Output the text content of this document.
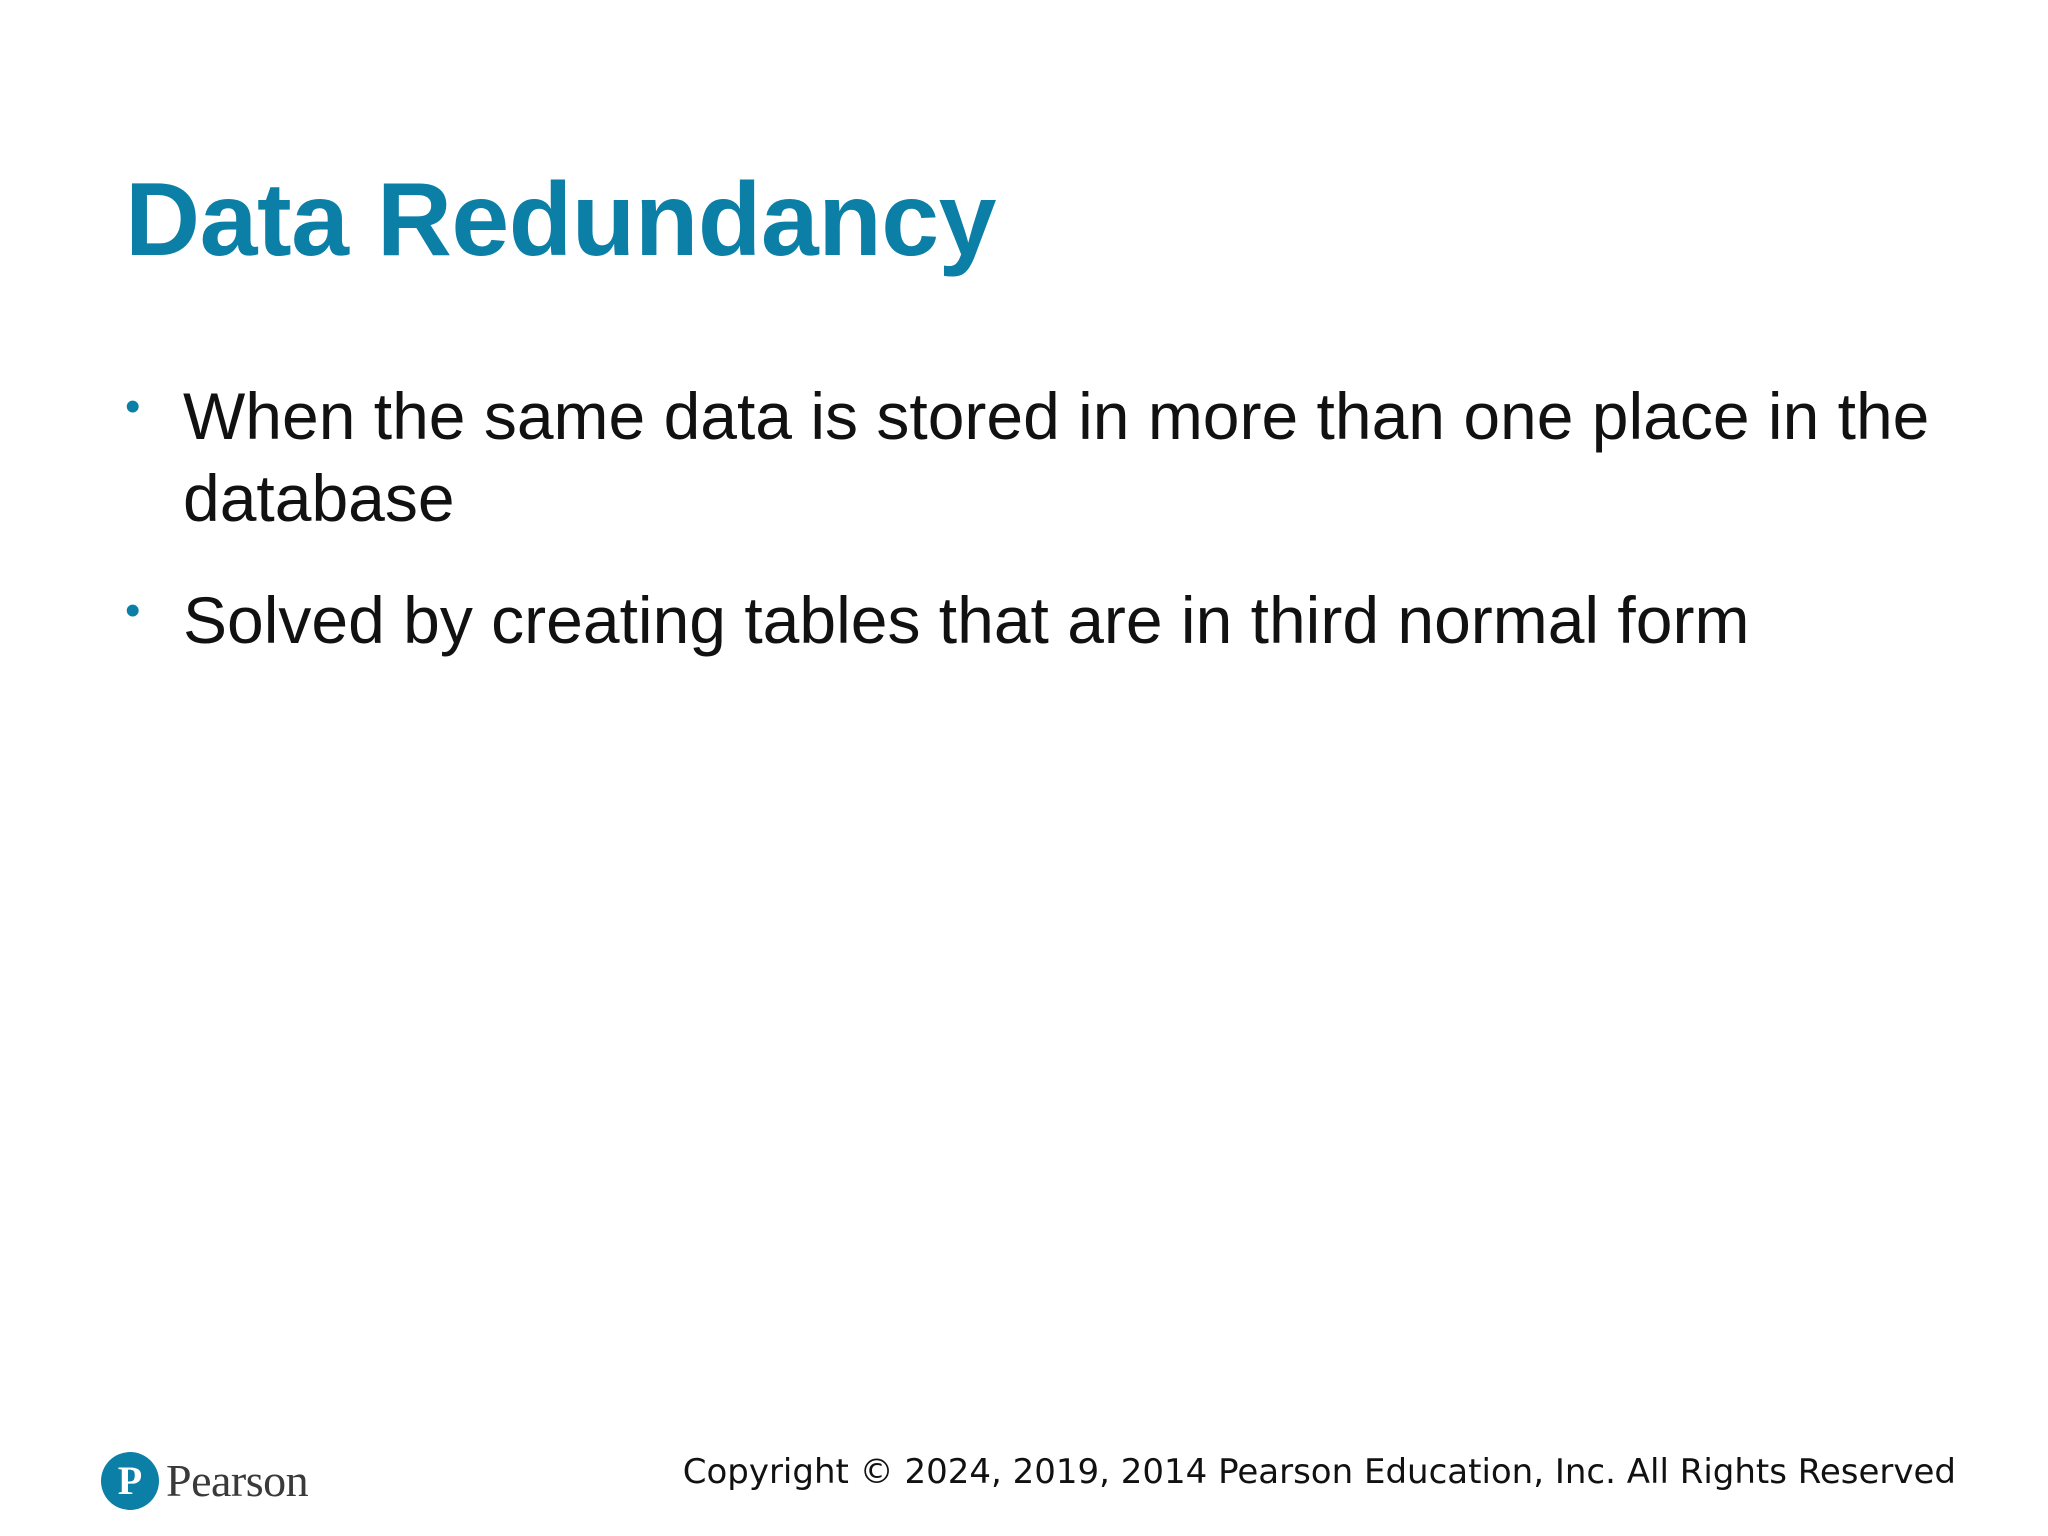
Data Redundancy
• When the same data is stored in more than one place in the database
• Solved by creating tables that are in third normal form
P Pearson	Copyright © 2024, 2019, 2014 Pearson Education, Inc. All Rights Reserved
